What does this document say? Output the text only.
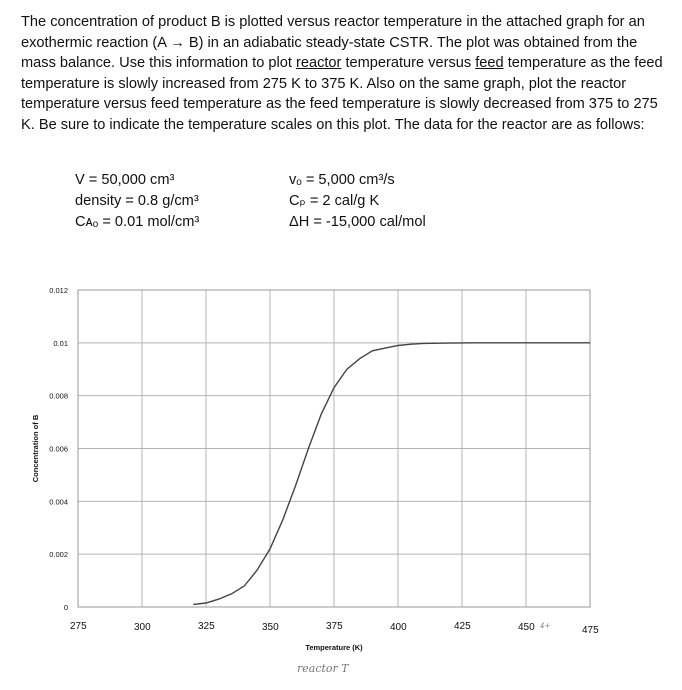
The concentration of product B is plotted versus reactor temperature in the attached graph for an exothermic reaction (A → B) in an adiabatic steady-state CSTR. The plot was obtained from the mass balance. Use this information to plot reactor temperature versus feed temperature as the feed temperature is slowly increased from 275 K to 375 K. Also on the same graph, plot the reactor temperature versus feed temperature as the feed temperature is slowly decreased from 375 to 275 K. Be sure to indicate the temperature scales on this plot. The data for the reactor are as follows:

V = 50,000 cm³
density = 0.8 g/cm³
Cᴀₒ = 0.01 mol/cm³
vₒ = 5,000 cm³/s
Cₚ = 2 cal/g K
ΔH = -15,000 cal/mol
275	300	325	350	375	400	425	450	475
0
0.002
0.004
0.006
0.008
0.01
0.012
Temperature (K)
Concentration of B
reactor T
4+
